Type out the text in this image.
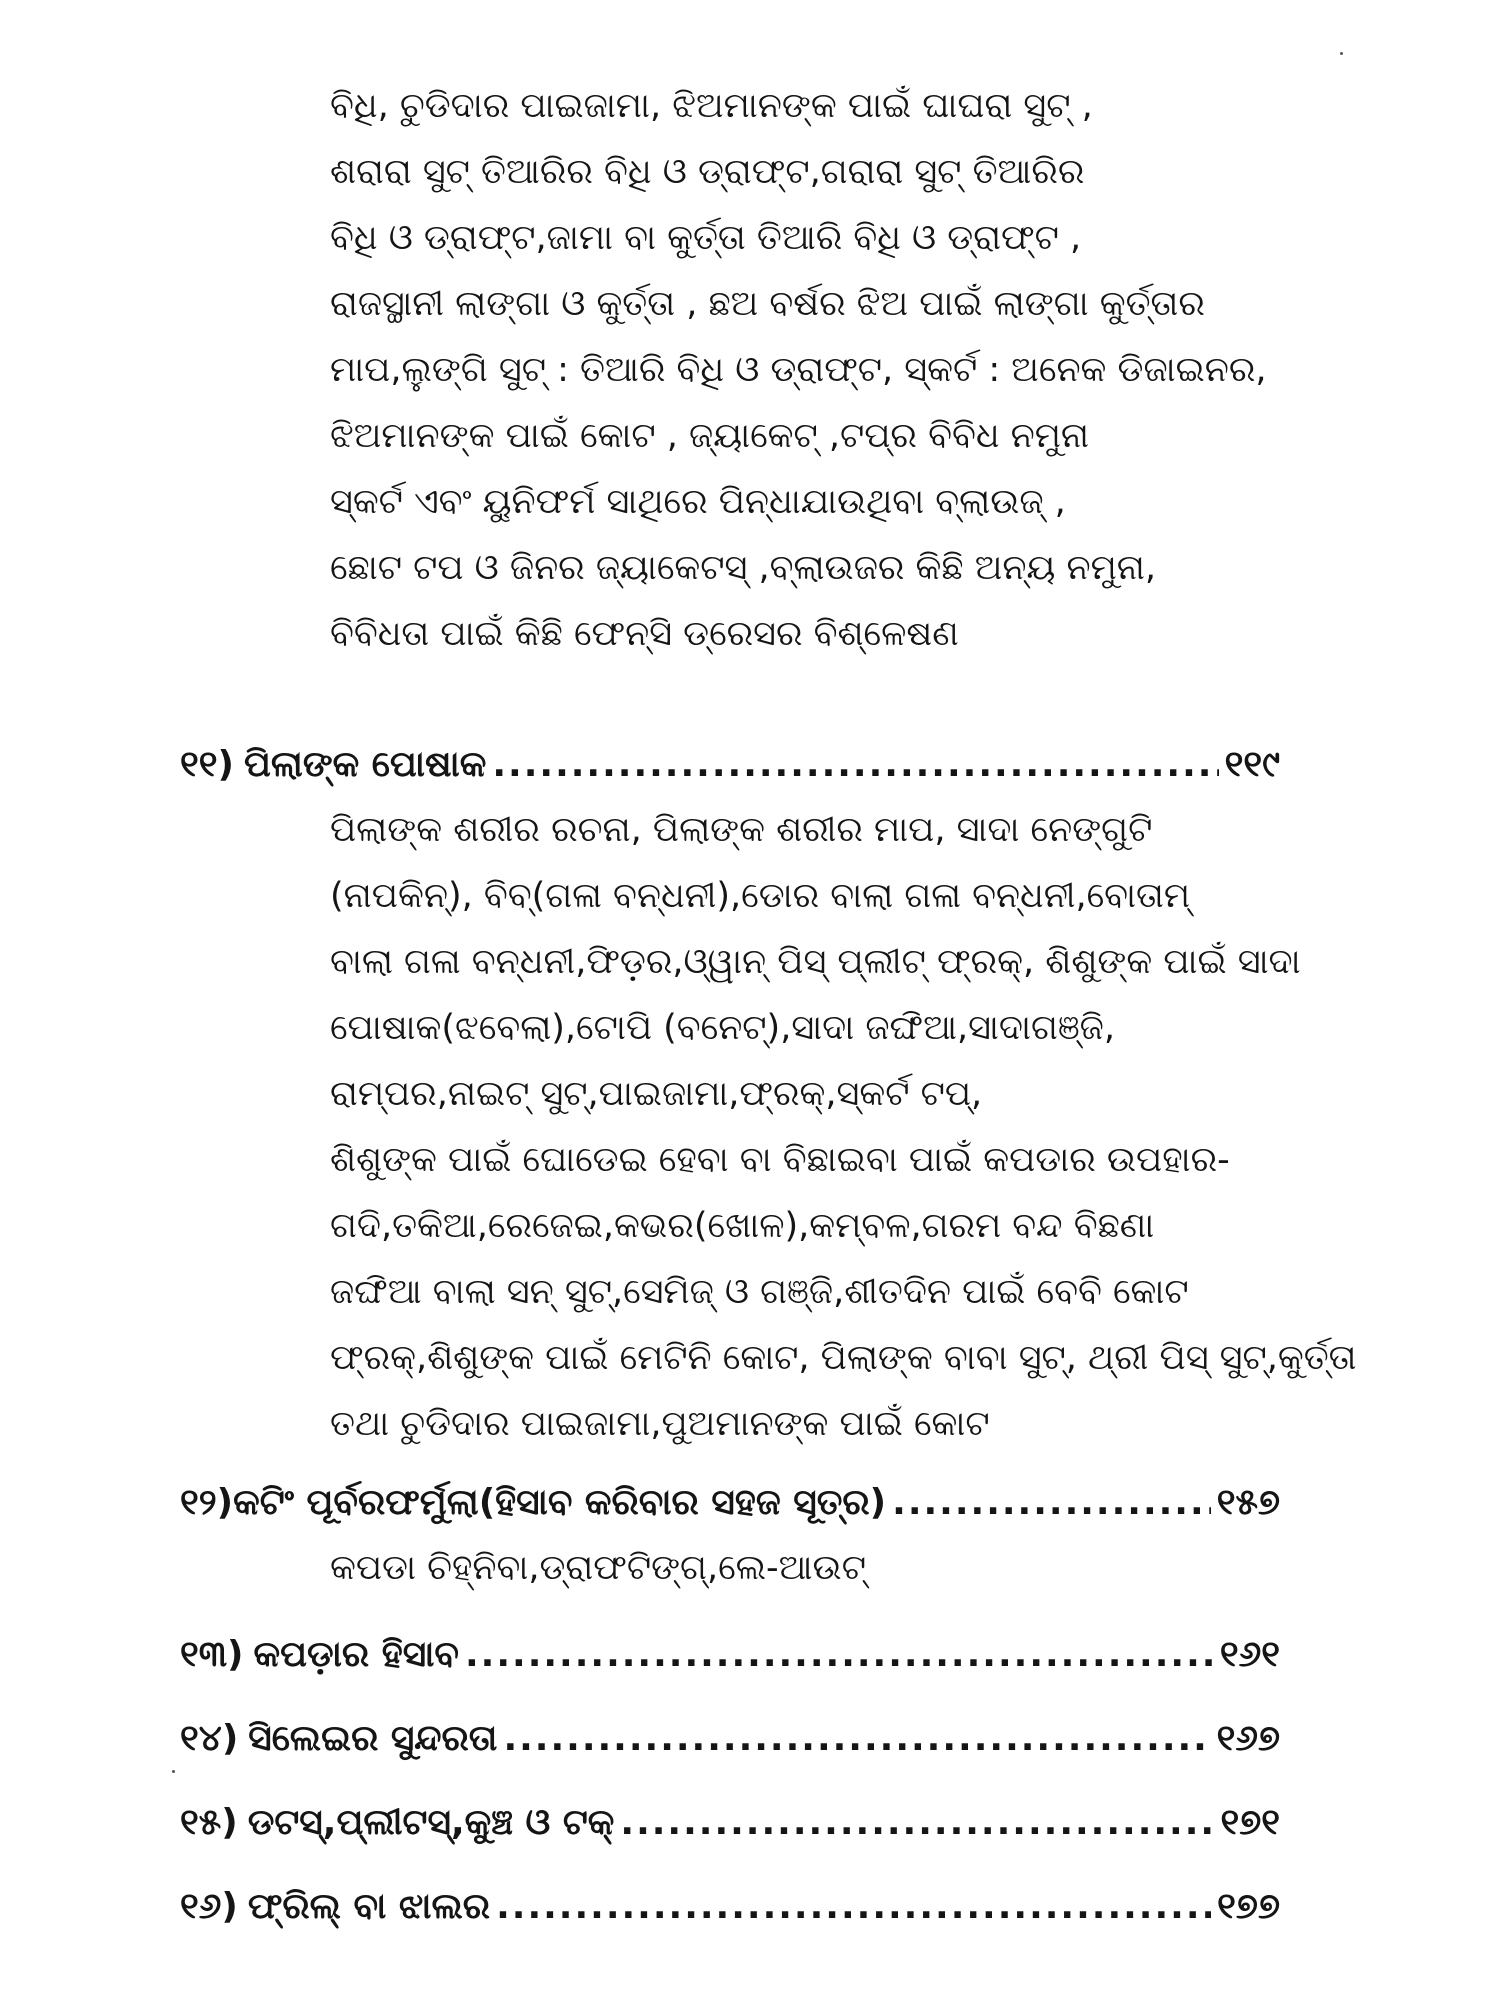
ବିଧି, ଚୁଡିଦାର ପାଇଜାମା, ଝିଅମାନଙ୍କ ପାଇଁ ଘାଘରା ସୁଟ୍ ,
ଶରାରା ସୁଟ୍ ତିଆରିର ବିଧି ଓ ଡ୍ରାଫ୍ଟ,ଗରାରା ସୁଟ୍ ତିଆରିର
ବିଧି ଓ ଡ୍ରାଫ୍ଟ,ଜାମା ବା କୁର୍ତ୍ତା ତିଆରି ବିଧି ଓ ଡ୍ରାଫ୍ଟ ,
ରାଜସ୍ଥାନୀ ଲାଙ୍ଗା ଓ କୁର୍ତ୍ତା , ଛଅ ବର୍ଷର ଝିଅ ପାଇଁ ଲାଙ୍ଗା କୁର୍ତ୍ତାର
ମାପ,ଲୁଙ୍ଗି ସୁଟ୍ : ତିଆରି ବିଧି ଓ ଡ୍ରାଫ୍ଟ, ସ୍କର୍ଟ : ଅନେକ ଡିଜାଇନର,
ଝିଅମାନଙ୍କ ପାଇଁ କୋଟ , ଜ୍ୟାକେଟ୍ ,ଟପ୍‌ର ବିବିଧ ନମୁନା
ସ୍କର୍ଟ ଏବଂ ୟୁନିଫର୍ମ ସାଥିରେ ପିନ୍ଧାଯାଉଥିବା ବ୍ଲାଉଜ୍ ,
ଛୋଟ ଟପ ଓ ଜିନର ଜ୍ୟାକେଟସ୍ ,ବ୍ଲାଉଜର କିଛି ଅନ୍ୟ ନମୁନା,
ବିବିଧତା ପାଇଁ କିଛି ଫେନ୍‌ସି ଡ୍ରେସର ବିଶ୍ଳେଷଣ
୧୧) ପିଲାଙ୍କ ପୋଷାକ .....	୧୧୯
ପିଲାଙ୍କ ଶରୀର ରଚନା, ପିଲାଙ୍କ ଶରୀର ମାପ, ସାଦା ନେଙ୍ଗୁଟି
(ନାପକିନ୍), ବିବ୍(ଗଳା ବନ୍ଧନୀ),ଡୋର ବାଲା ଗଳା ବନ୍ଧନୀ,ବୋତାମ୍
ବାଲା ଗଳା ବନ୍ଧନୀ,ଫିଡ଼ର,ଓ୍ୱାନ୍ ପିସ୍ ପ୍ଲୀଟ୍ ଫ୍ରକ୍, ଶିଶୁଙ୍କ ପାଇଁ ସାଦା
ପୋଷାକ(ଝବେଲା),ଟୋପି (ବନେଟ୍),ସାଦା ଜଙ୍ଘିଆ,ସାଦାଗଞ୍ଜି,
ରାମ୍ପର,ନାଇଟ୍ ସୁଟ୍,ପାଇଜାମା,ଫ୍ରକ୍,ସ୍କର୍ଟ ଟପ୍,
ଶିଶୁଙ୍କ ପାଇଁ ଘୋଡେଇ ହେବା ବା ବିଛାଇବା ପାଇଁ କପଡାର ଉପହାର-
ଗଦି,ତକିଆ,ରେଜେଇ,କଭର(ଖୋଳ),କମ୍ବଳ,ଗରମ ବନ୍ଦ ବିଛଣା
ଜଙ୍ଘିଆ ବାଲା ସନ୍ ସୁଟ୍,ସେମିଜ୍ ଓ ଗଞ୍ଜି,ଶୀତଦିନ ପାଇଁ ବେବି କୋଟ
ଫ୍ରକ୍,ଶିଶୁଙ୍କ ପାଇଁ ମେଟିନି କୋଟ, ପିଲାଙ୍କ ବାବା ସୁଟ୍, ଥ୍ରୀ ପିସ୍ ସୁଟ୍,କୁର୍ତ୍ତା
ତଥା ଚୁଡିଦାର ପାଇଜାମା,ପୁଅମାନଙ୍କ ପାଇଁ କୋଟ
୧୨) କଟିଂ ପୂର୍ବରଫର୍ମୁଲା(ହିସାବ କରିବାର ସହଜ ସୂତ୍ର) .....	୧୫୭
କପଡା ଚିହ୍ନିବା,ଡ୍ରାଫଟିଙ୍ଗ୍,ଲେ-ଆଉଟ୍
୧୩) କପଡ଼ାର ହିସାବ .....	୧୬୧
୧୪) ସିଲେଇର ସୁନ୍ଦରତା .....	୧୬୭
୧୫) ଡଟସ୍,ପ୍ଲୀଟସ୍,କୁଞ୍ଚ ଓ ଟକ୍ .....	୧୭୧
୧୬) ଫ୍ରିଲ୍ ବା ଝାଲର .....	୧୭୭
